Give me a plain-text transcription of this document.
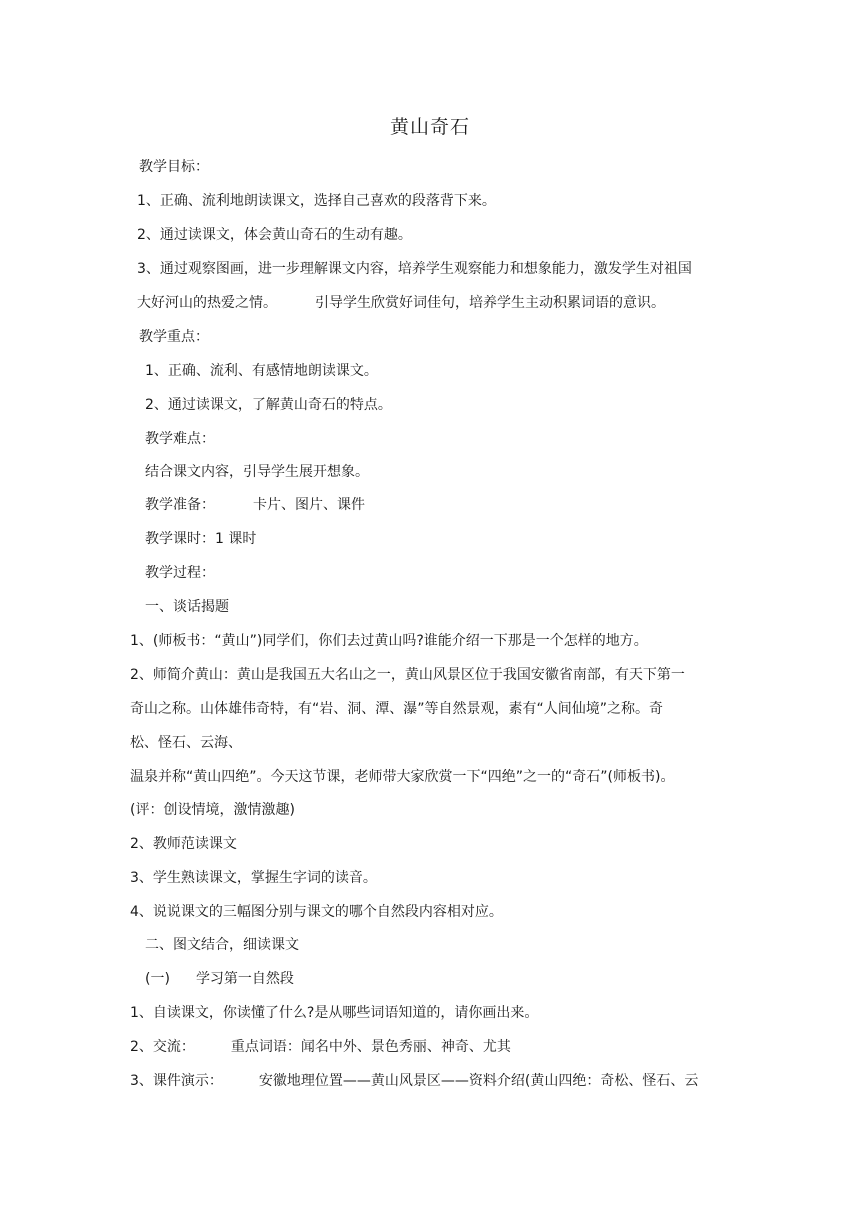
黄山奇石
教学目标：
1、正确、流利地朗读课文，选择自己喜欢的段落背下来。
2、通过读课文，体会黄山奇石的生动有趣。
3、通过观察图画，进一步理解课文内容，培养学生观察能力和想象能力，激发学生对祖国
大好河山的热爱之情。	引导学生欣赏好词佳句，培养学生主动积累词语的意识。
教学重点：
1、正确、流利、有感情地朗读课文。
2、通过读课文，了解黄山奇石的特点。
教学难点：
结合课文内容，引导学生展开想象。
教学准备：	卡片、图片、课件
教学课时：1 课时
教学过程：
一、谈话揭题
1、(师板书：“黄山”)同学们，你们去过黄山吗?谁能介绍一下那是一个怎样的地方。
2、师简介黄山：黄山是我国五大名山之一，黄山风景区位于我国安徽省南部，有天下第一
奇山之称。山体雄伟奇特，有“岩、洞、潭、瀑”等自然景观，素有“人间仙境”之称。奇
松、怪石、云海、
温泉并称“黄山四绝”。今天这节课，老师带大家欣赏一下“四绝”之一的“奇石”(师板书)。
(评：创设情境，激情激趣)
2、教师范读课文
3、学生熟读课文，掌握生字词的读音。
4、说说课文的三幅图分别与课文的哪个自然段内容相对应。
二、图文结合，细读课文
(一) 学习第一自然段
1、自读课文，你读懂了什么?是从哪些词语知道的，请你画出来。
2、交流：	重点词语：闻名中外、景色秀丽、神奇、尤其
3、课件演示：	安徽地理位置——黄山风景区——资料介绍(黄山四绝：奇松、怪石、云
